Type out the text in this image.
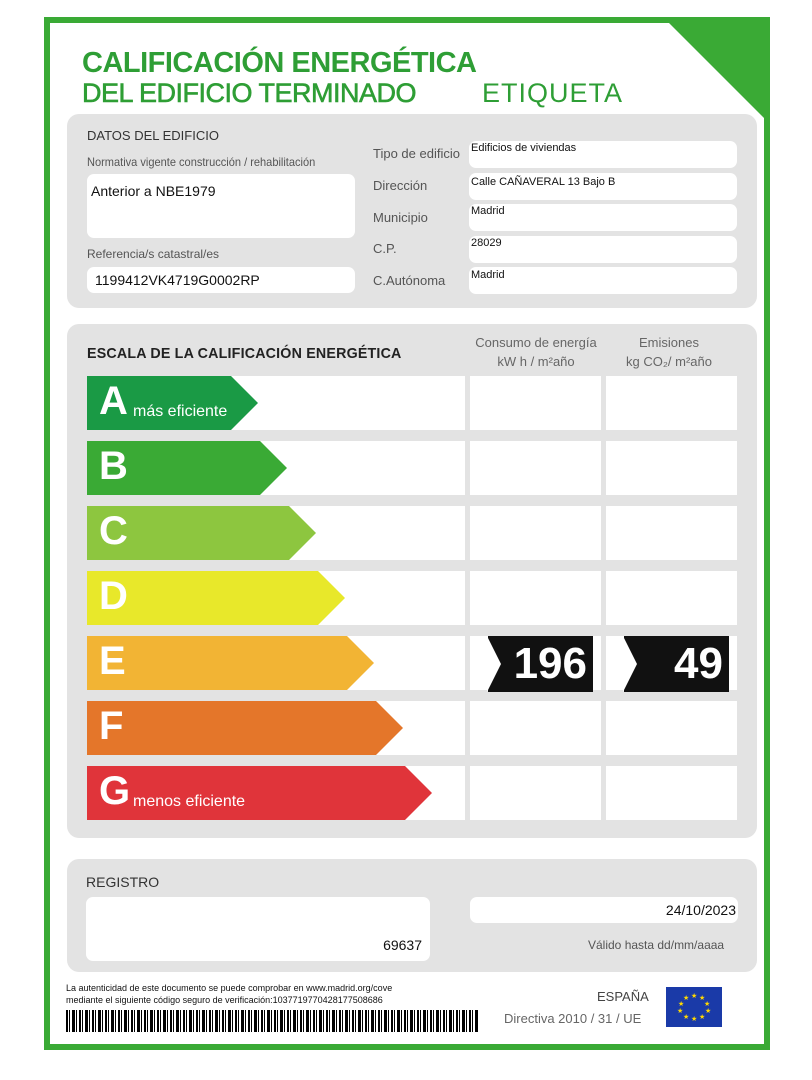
CALIFICACIÓN ENERGÉTICA
DEL EDIFICIO TERMINADO ETIQUETA
DATOS DEL EDIFICIO
Normativa vigente construcción / rehabilitación
Anterior a NBE1979
Referencia/s catastral/es
1199412VK4719G0002RP
Tipo de edificio
Dirección
Municipio
C.P.
C.Autónoma
Edificios de viviendas
Calle CAÑAVERAL 13 Bajo B
Madrid
28029
Madrid
ESCALA DE LA CALIFICACIÓN ENERGÉTICA
Consumo de energía
kW h / m²año
Emisiones
kg CO₂/ m²año
A más eficiente
B
C
D
E
F
G menos eficiente
196	49
REGISTRO
69637
24/10/2023
Válido hasta dd/mm/aaaa
La autenticidad de este documento se puede comprobar en www.madrid.org/cove
mediante el siguiente código seguro de verificación:1037719770428177508686	ESPAÑA
Directiva 2010 / 31 / UE
★ ★
★
★
★
★
★
★
★
★
